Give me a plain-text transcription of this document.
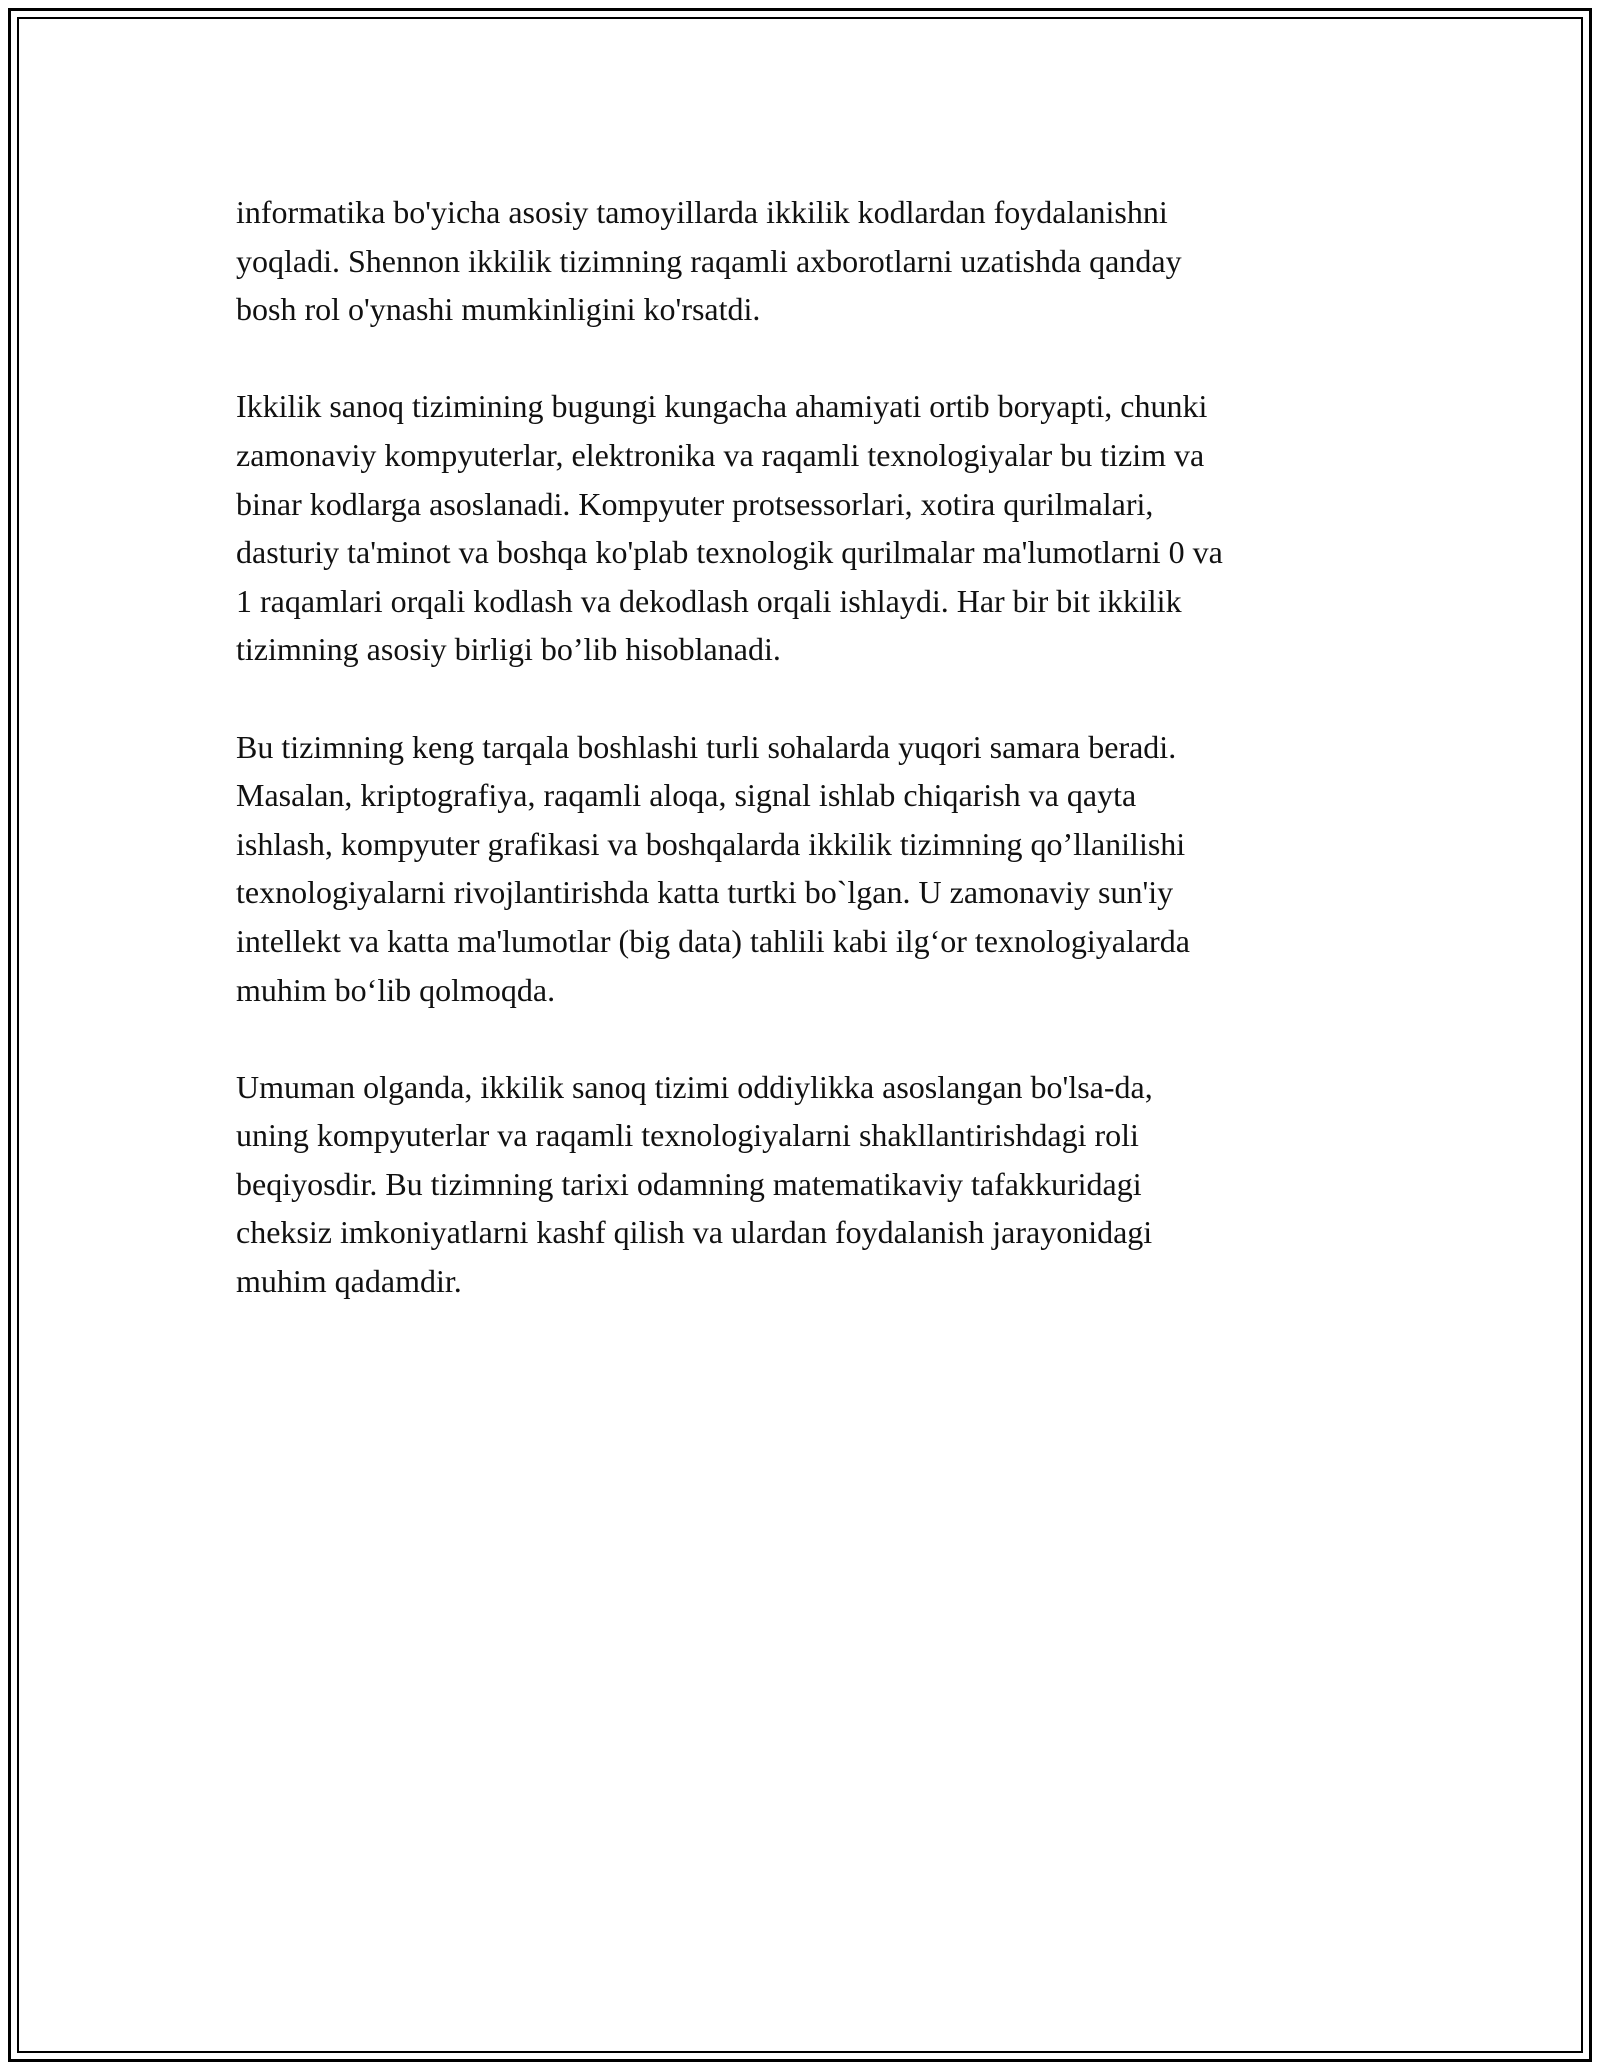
informatika bo'yicha asosiy tamoyillarda ikkilik kodlardan foydalanishni
yoqladi. Shennon ikkilik tizimning raqamli axborotlarni uzatishda qanday
bosh rol o'ynashi mumkinligini ko'rsatdi.

Ikkilik sanoq tizimining bugungi kungacha ahamiyati ortib boryapti, chunki
zamonaviy kompyuterlar, elektronika va raqamli texnologiyalar bu tizim va
binar kodlarga asoslanadi. Kompyuter protsessorlari, xotira qurilmalari,
dasturiy ta'minot va boshqa ko'plab texnologik qurilmalar ma'lumotlarni 0 va
1 raqamlari orqali kodlash va dekodlash orqali ishlaydi. Har bir bit ikkilik
tizimning asosiy birligi bo’lib hisoblanadi.

Bu tizimning keng tarqala boshlashi turli sohalarda yuqori samara beradi.
Masalan, kriptografiya, raqamli aloqa, signal ishlab chiqarish va qayta
ishlash, kompyuter grafikasi va boshqalarda ikkilik tizimning qo’llanilishi
texnologiyalarni rivojlantirishda katta turtki bo`lgan. U zamonaviy sun'iy
intellekt va katta ma'lumotlar (big data) tahlili kabi ilg‘or texnologiyalarda
muhim bo‘lib qolmoqda.

Umuman olganda, ikkilik sanoq tizimi oddiylikka asoslangan bo'lsa-da,
uning kompyuterlar va raqamli texnologiyalarni shakllantirishdagi roli
beqiyosdir. Bu tizimning tarixi odamning matematikaviy tafakkuridagi
cheksiz imkoniyatlarni kashf qilish va ulardan foydalanish jarayonidagi
muhim qadamdir.
